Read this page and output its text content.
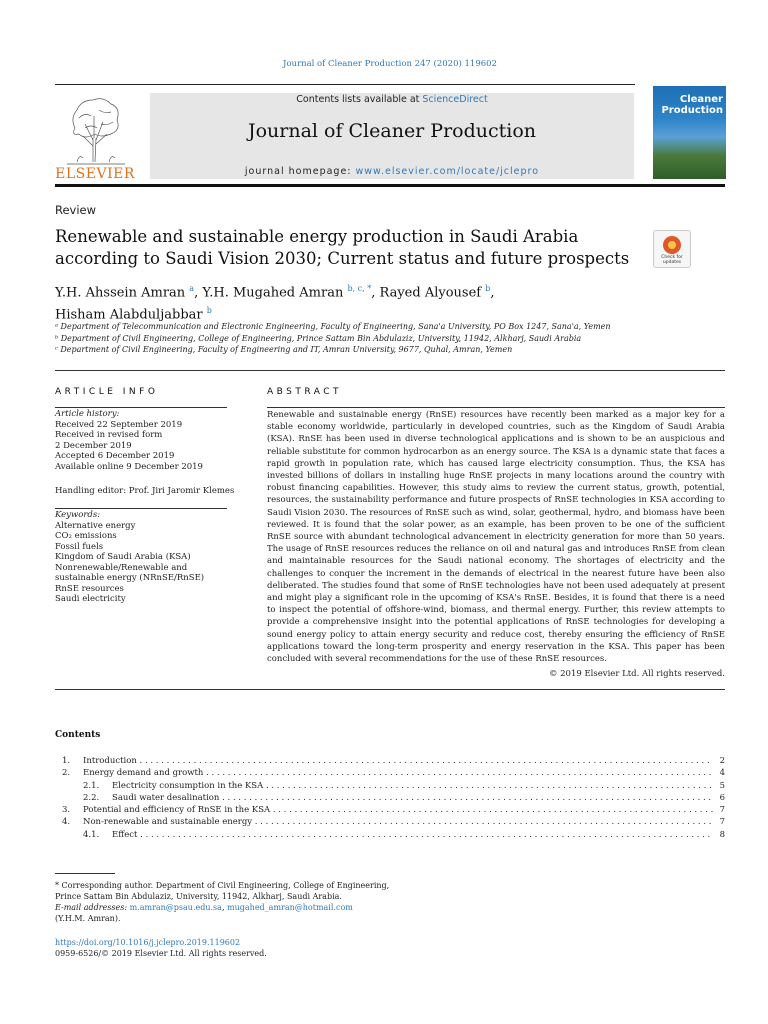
Journal of Cleaner Production 247 (2020) 119602
ELSEVIER
Contents lists available at ScienceDirect
Journal of Cleaner Production
journal homepage: www.elsevier.com/locate/jclepro
Cleaner
Production
Review
Renewable and sustainable energy production in Saudi Arabia according to Saudi Vision 2030; Current status and future prospects	Check for updates
Y.H. Ahssein Amran $^a$, Y.H. Mugahed Amran $^{b, c, *}$, Rayed Alyousef $^b$,
Hisham Alabduljabbar $^b$
ᵃ Department of Telecommunication and Electronic Engineering, Faculty of Engineering, Sana'a University, PO Box 1247, Sana'a, Yemen
ᵇ Department of Civil Engineering, College of Engineering, Prince Sattam Bin Abdulaziz, University, 11942, Alkharj, Saudi Arabia
ᶜ Department of Civil Engineering, Faculty of Engineering and IT, Amran University, 9677, Quhal, Amran, Yemen
ARTICLE INFO
Article history:
Received 22 September 2019
Received in revised form
2 December 2019
Accepted 6 December 2019
Available online 9 December 2019
Handling editor: Prof. Jiri Jaromir Klemes
Keywords:
Alternative energy
CO₂ emissions
Fossil fuels
Kingdom of Saudi Arabia (KSA)
Nonrenewable/Renewable and sustainable energy (NRnSE/RnSE)
RnSE resources
Saudi electricity
ABSTRACT
Renewable and sustainable energy (RnSE) resources have recently been marked as a major key for a stable economy worldwide, particularly in developed countries, such as the Kingdom of Saudi Arabia (KSA). RnSE has been used in diverse technological applications and is shown to be an auspicious and reliable substitute for common hydrocarbon as an energy source. The KSA is a dynamic state that faces a rapid growth in population rate, which has caused large electricity consumption. Thus, the KSA has invested billions of dollars in installing huge RnSE projects in many locations around the country with robust financing capabilities. However, this study aims to review the current status, growth, potential, resources, the sustainability performance and future prospects of RnSE technologies in KSA according to Saudi Vision 2030. The resources of RnSE such as wind, solar, geothermal, hydro, and biomass have been reviewed. It is found that the solar power, as an example, has been proven to be one of the sufficient RnSE source with abundant technological advancement in electricity generation for more than 50 years. The usage of RnSE resources reduces the reliance on oil and natural gas and introduces RnSE from clean and maintainable resources for the Saudi national economy. The shortages of electricity and the challenges to conquer the increment in the demands of electrical in the nearest future have been also deliberated. The studies found that some of RnSE technologies have not been used adequately at present and might play a significant role in the upcoming of KSA's RnSE. Besides, it is found that there is a need to inspect the potential of offshore-wind, biomass, and thermal energy. Further, this review attempts to provide a comprehensive insight into the potential applications of RnSE technologies for developing a sound energy policy to attain energy security and reduce cost, thereby ensuring the efficiency of RnSE applications toward the long-term prosperity and energy reservation in the KSA. This paper has been concluded with several recommendations for the use of these RnSE resources.
© 2019 Elsevier Ltd. All rights reserved.
Contents
1. Introduction . . .	2
2. Energy demand and growth . . .	4
2.1. Electricity consumption in the KSA . . .	5
2.2. Saudi water desalination . . .	6
3. Potential and efficiency of RnSE in the KSA . . .	7
4. Non-renewable and sustainable energy . . .	7
4.1. Effect . . .	8
* Corresponding author. Department of Civil Engineering, College of Engineering, Prince Sattam Bin Abdulaziz, University, 11942, Alkharj, Saudi Arabia.
E-mail addresses: m.amran@psau.edu.sa, mugahed_amran@hotmail.com
(Y.H.M. Amran).
https://doi.org/10.1016/j.jclepro.2019.119602
0959-6526/© 2019 Elsevier Ltd. All rights reserved.
